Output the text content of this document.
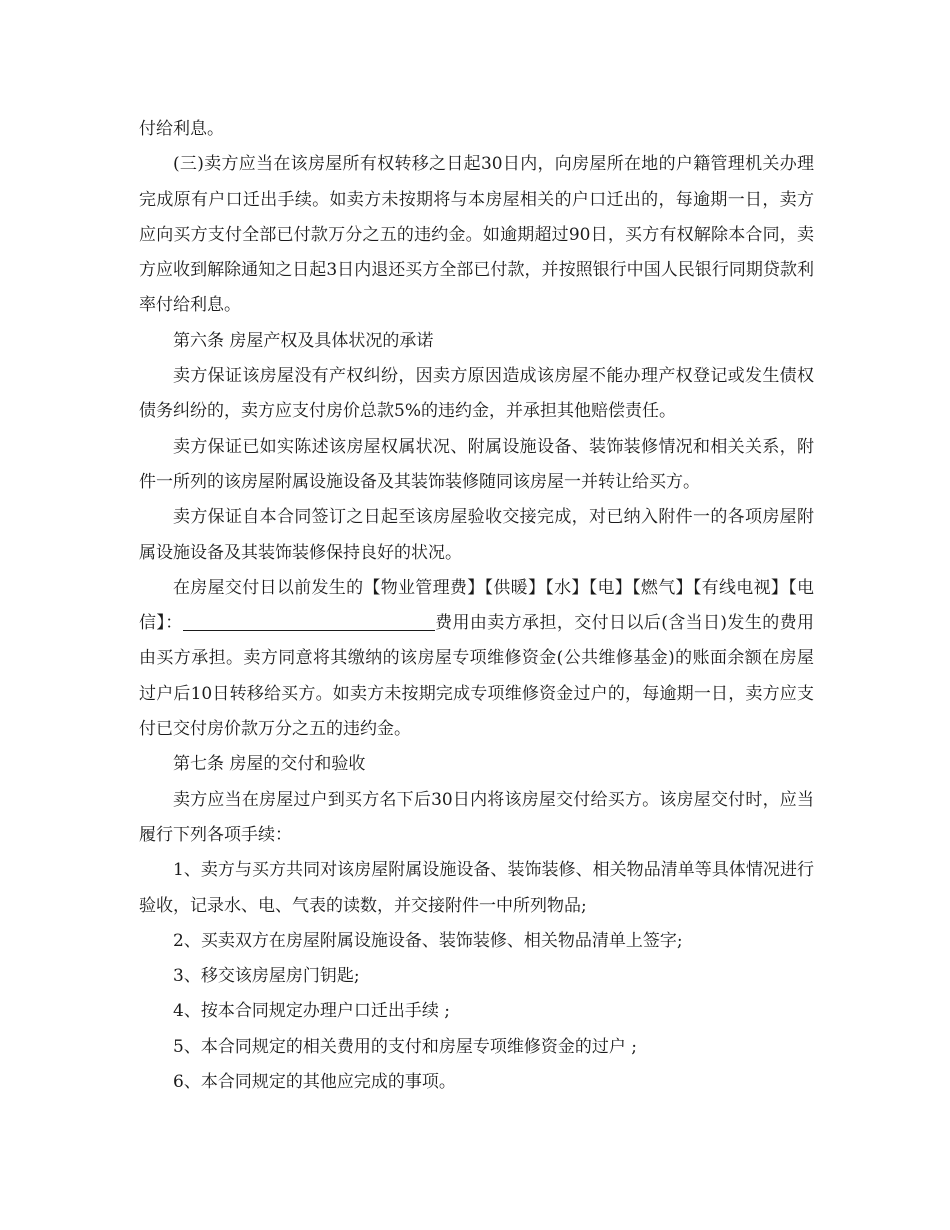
付给利息。

(三)卖方应当在该房屋所有权转移之日起30日内，向房屋所在地的户籍管理机关办理完成原有户口迁出手续。如卖方未按期将与本房屋相关的户口迁出的，每逾期一日，卖方应向买方支付全部已付款万分之五的违约金。如逾期超过90日，买方有权解除本合同，卖方应收到解除通知之日起3日内退还买方全部已付款，并按照银行中国人民银行同期贷款利率付给利息。

第六条 房屋产权及具体状况的承诺

卖方保证该房屋没有产权纠纷，因卖方原因造成该房屋不能办理产权登记或发生债权债务纠纷的，卖方应支付房价总款5%的违约金，并承担其他赔偿责任。

卖方保证已如实陈述该房屋权属状况、附属设施设备、装饰装修情况和相关关系，附件一所列的该房屋附属设施设备及其装饰装修随同该房屋一并转让给买方。

卖方保证自本合同签订之日起至该房屋验收交接完成，对已纳入附件一的各项房屋附属设施设备及其装饰装修保持良好的状况。

在房屋交付日以前发生的【物业管理费】【供暖】【水】【电】【燃气】【有线电视】【电 信】：	费用由卖方承担，交付日以后(含当日)发生的费用由买方承担。卖方同意将其缴纳的该房屋专项维修资金(公共维修基金)的账面余额在房屋过户后10日转移给买方。如卖方未按期完成专项维修资金过户的，每逾期一日，卖方应支付已交付房价款万分之五的违约金。

第七条 房屋的交付和验收

卖方应当在房屋过户到买方名下后30日内将该房屋交付给买方。该房屋交付时，应当履行下列各项手续：

1、卖方与买方共同对该房屋附属设施设备、装饰装修、相关物品清单等具体情况进行验收，记录水、电、气表的读数，并交接附件一中所列物品;

2、买卖双方在房屋附属设施设备、装饰装修、相关物品清单上签字;

3、移交该房屋房门钥匙;

4、按本合同规定办理户口迁出手续 ;

5、本合同规定的相关费用的支付和房屋专项维修资金的过户 ;

6、本合同规定的其他应完成的事项。
